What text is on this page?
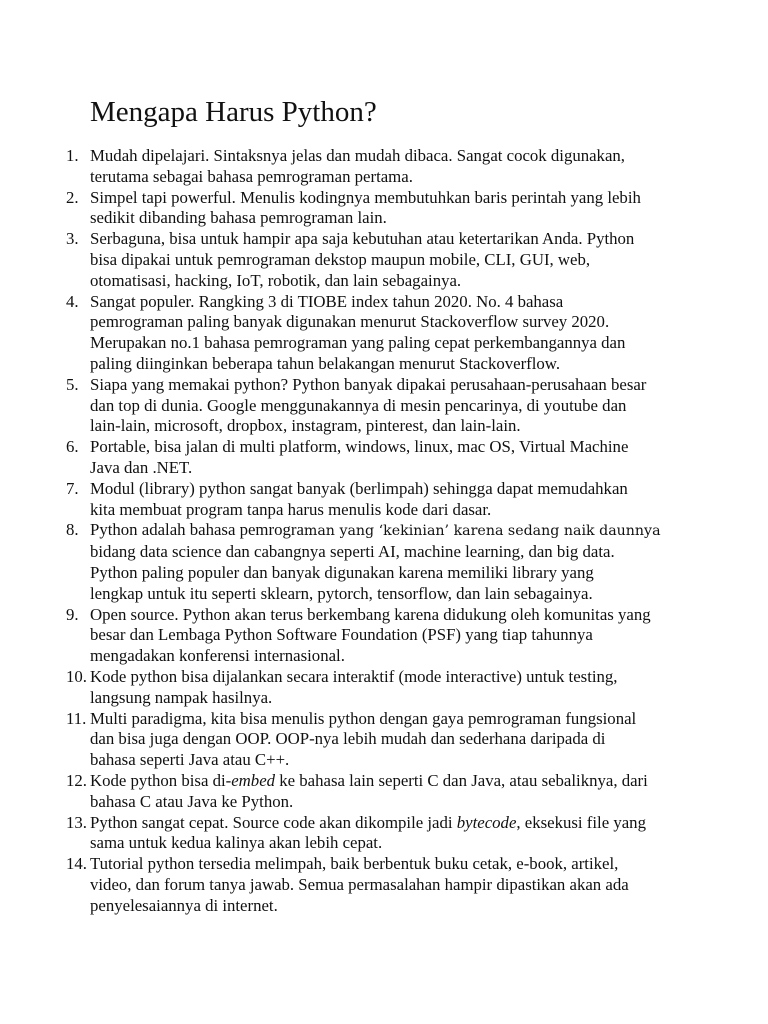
Mengapa Harus Python?
1. Mudah dipelajari. Sintaksnya jelas dan mudah dibaca. Sangat cocok digunakan,
terutama sebagai bahasa pemrograman pertama.
2. Simpel tapi powerful. Menulis kodingnya membutuhkan baris perintah yang lebih
sedikit dibanding bahasa pemrograman lain.
3. Serbaguna, bisa untuk hampir apa saja kebutuhan atau ketertarikan Anda. Python
bisa dipakai untuk pemrograman dekstop maupun mobile, CLI, GUI, web,
otomatisasi, hacking, IoT, robotik, dan lain sebagainya.
4. Sangat populer. Rangking 3 di TIOBE index tahun 2020. No. 4 bahasa
pemrograman paling banyak digunakan menurut Stackoverflow survey 2020.
Merupakan no.1 bahasa pemrograman yang paling cepat perkembangannya dan
paling diinginkan beberapa tahun belakangan menurut Stackoverflow.
5. Siapa yang memakai python? Python banyak dipakai perusahaan-perusahaan besar
dan top di dunia. Google menggunakannya di mesin pencarinya, di youtube dan
lain-lain, microsoft, dropbox, instagram, pinterest, dan lain-lain.
6. Portable, bisa jalan di multi platform, windows, linux, mac OS, Virtual Machine
Java dan .NET.
7. Modul (library) python sangat banyak (berlimpah) sehingga dapat memudahkan
kita membuat program tanpa harus menulis kode dari dasar.
8. Python adalah bahasa pemrograman yang ‘kekinian’ karena sedang naik daunnya
bidang data science dan cabangnya seperti AI, machine learning, dan big data.
Python paling populer dan banyak digunakan karena memiliki library yang
lengkap untuk itu seperti sklearn, pytorch, tensorflow, dan lain sebagainya.
9. Open source. Python akan terus berkembang karena didukung oleh komunitas yang
besar dan Lembaga Python Software Foundation (PSF) yang tiap tahunnya
mengadakan konferensi internasional.
10. Kode python bisa dijalankan secara interaktif (mode interactive) untuk testing,
langsung nampak hasilnya.
11. Multi paradigma, kita bisa menulis python dengan gaya pemrograman fungsional
dan bisa juga dengan OOP. OOP-nya lebih mudah dan sederhana daripada di
bahasa seperti Java atau C++.
12. Kode python bisa di-embed ke bahasa lain seperti C dan Java, atau sebaliknya, dari
bahasa C atau Java ke Python.
13. Python sangat cepat. Source code akan dikompile jadi bytecode, eksekusi file yang
sama untuk kedua kalinya akan lebih cepat.
14. Tutorial python tersedia melimpah, baik berbentuk buku cetak, e-book, artikel,
video, dan forum tanya jawab. Semua permasalahan hampir dipastikan akan ada
penyelesaiannya di internet.
